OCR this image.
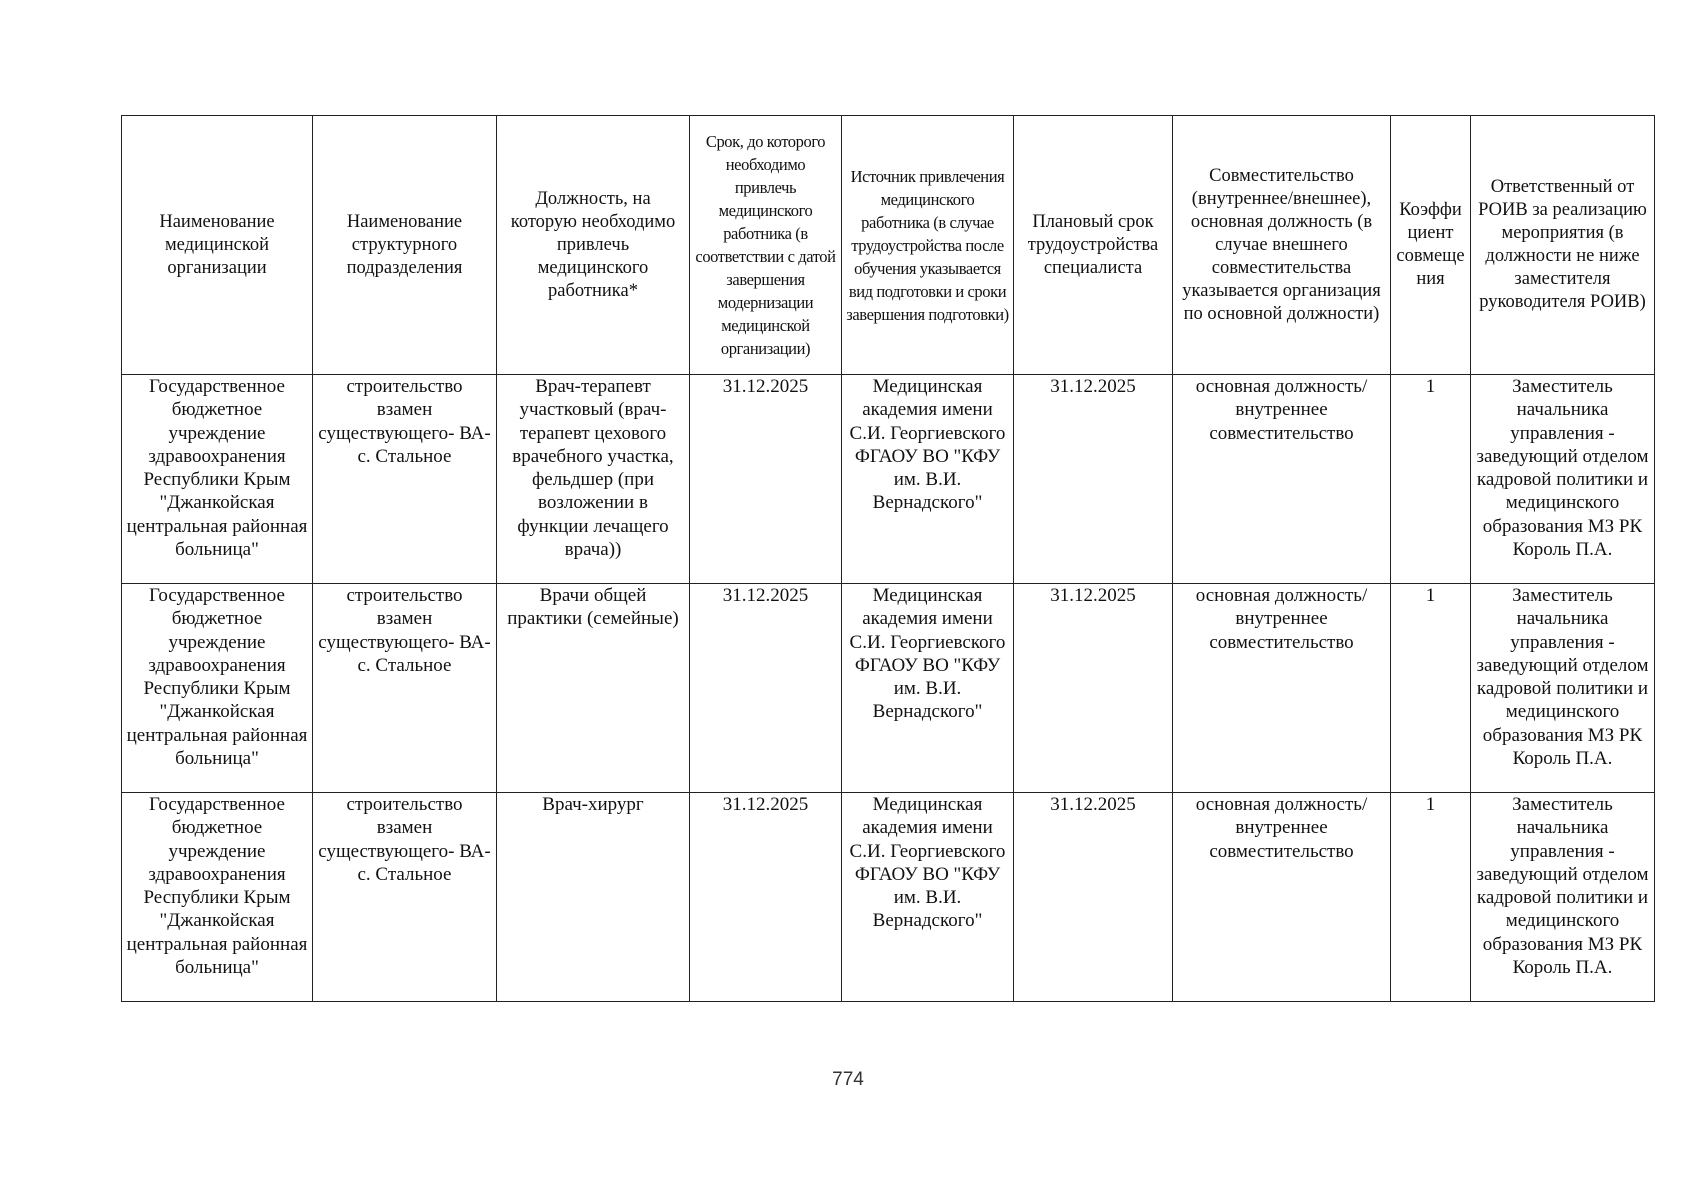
Наименование медицинской организации	Наименование структурного подразделения	Должность, на которую необходимо привлечь медицинского работника*	Срок, до которого необходимо привлечь медицинского работника (в соответствии с датой завершения модернизации медицинской организации)	Источник привлечения медицинского работника (в случае трудоустройства после обучения указывается вид подготовки и сроки завершения подготовки)	Плановый срок трудоустройства специалиста	Совместительство (внутреннее/внешнее), основная должность (в случае внешнего совместительства указывается организация по основной должности)	Коэффициент совмещения	Ответственный от РОИВ за реализацию мероприятия (в должности не ниже заместителя руководителя РОИВ)
Государственное бюджетное учреждение здравоохранения Республики Крым "Джанкойская центральная районная больница"	строительство взамен существующего- ВА- с. Стальное	Врач-терапевт участковый (врач-терапевт цехового врачебного участка, фельдшер (при возложении в функции лечащего врача))	31.12.2025	Медицинская академия имени С.И. Георгиевского ФГАОУ ВО "КФУ им. В.И. Вернадского"	31.12.2025	основная должность/ внутреннее совместительство	1	Заместитель начальника управления - заведующий отделом кадровой политики и медицинского образования МЗ РК Король П.А.
Государственное бюджетное учреждение здравоохранения Республики Крым "Джанкойская центральная районная больница"	строительство взамен существующего- ВА- с. Стальное	Врачи общей практики (семейные)	31.12.2025	Медицинская академия имени С.И. Георгиевского ФГАОУ ВО "КФУ им. В.И. Вернадского"	31.12.2025	основная должность/ внутреннее совместительство	1	Заместитель начальника управления - заведующий отделом кадровой политики и медицинского образования МЗ РК Король П.А.
Государственное бюджетное учреждение здравоохранения Республики Крым "Джанкойская центральная районная больница"	строительство взамен существующего- ВА- с. Стальное	Врач-хирург	31.12.2025	Медицинская академия имени С.И. Георгиевского ФГАОУ ВО "КФУ им. В.И. Вернадского"	31.12.2025	основная должность/ внутреннее совместительство	1	Заместитель начальника управления - заведующий отделом кадровой политики и медицинского образования МЗ РК Король П.А.
774
